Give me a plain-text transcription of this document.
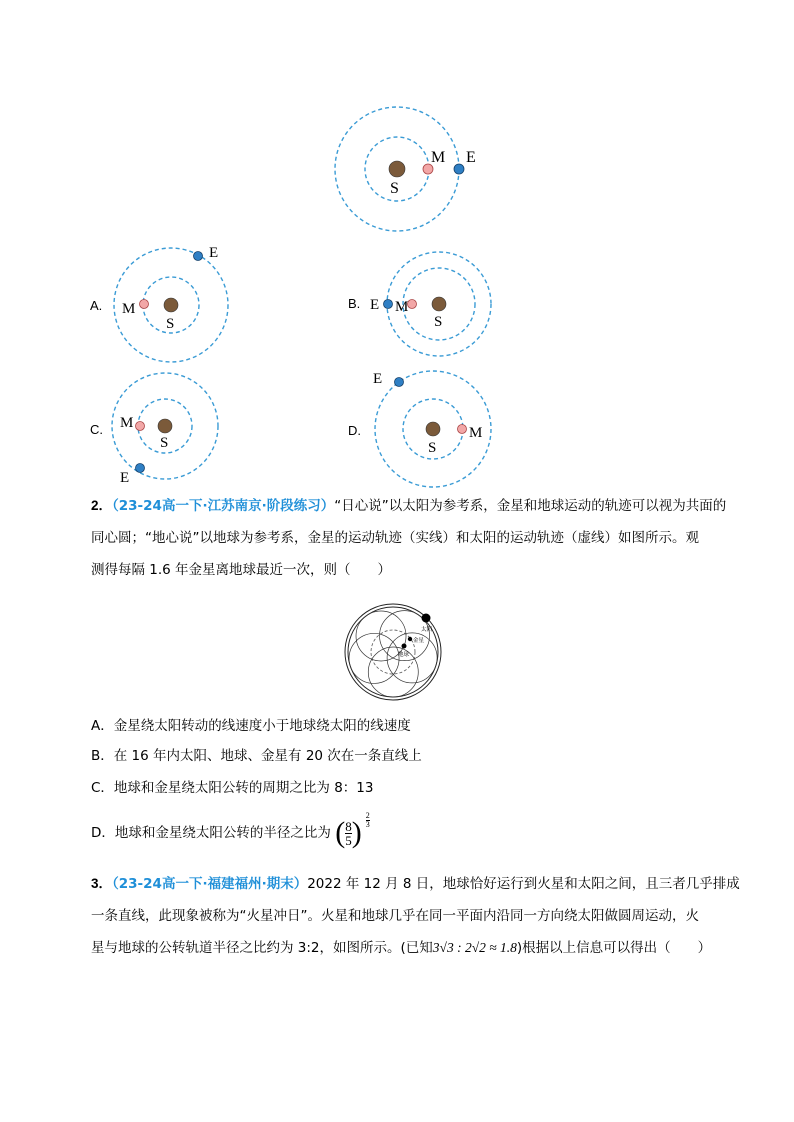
S
M E
A.
S
M
E
B.
S
M
E
C.
S
M
E
D.
S
M
E
2．（23-24高一下·江苏南京·阶段练习）“日心说”以太阳为参考系，金星和地球运动的轨迹可以视为共面的
同心圆；“地心说”以地球为参考系，金星的运动轨迹（实线）和太阳的运动轨迹（虚线）如图所示。观
测得每隔 1.6 年金星离地球最近一次，则（　　）
太阳
金星
地球
A．金星绕太阳转动的线速度小于地球绕太阳的线速度
B．在 16 年内太阳、地球、金星有 20 次在一条直线上
C．地球和金星绕太阳公转的周期之比为 8：13
D．地球和金星绕太阳公转的半径之比为 ( $\frac{8}{5}$ ) $\frac{2}{3}$
3．（23-24高一下·福建福州·期末）2022 年 12 月 8 日，地球恰好运行到火星和太阳之间，且三者几乎排成
一条直线，此现象被称为“火星冲日”。火星和地球几乎在同一平面内沿同一方向绕太阳做圆周运动，火
星与地球的公转轨道半径之比约为 3:2，如图所示。(已知3√3 : 2√2 ≈ 1.8)根据以上信息可以得出（　　）
